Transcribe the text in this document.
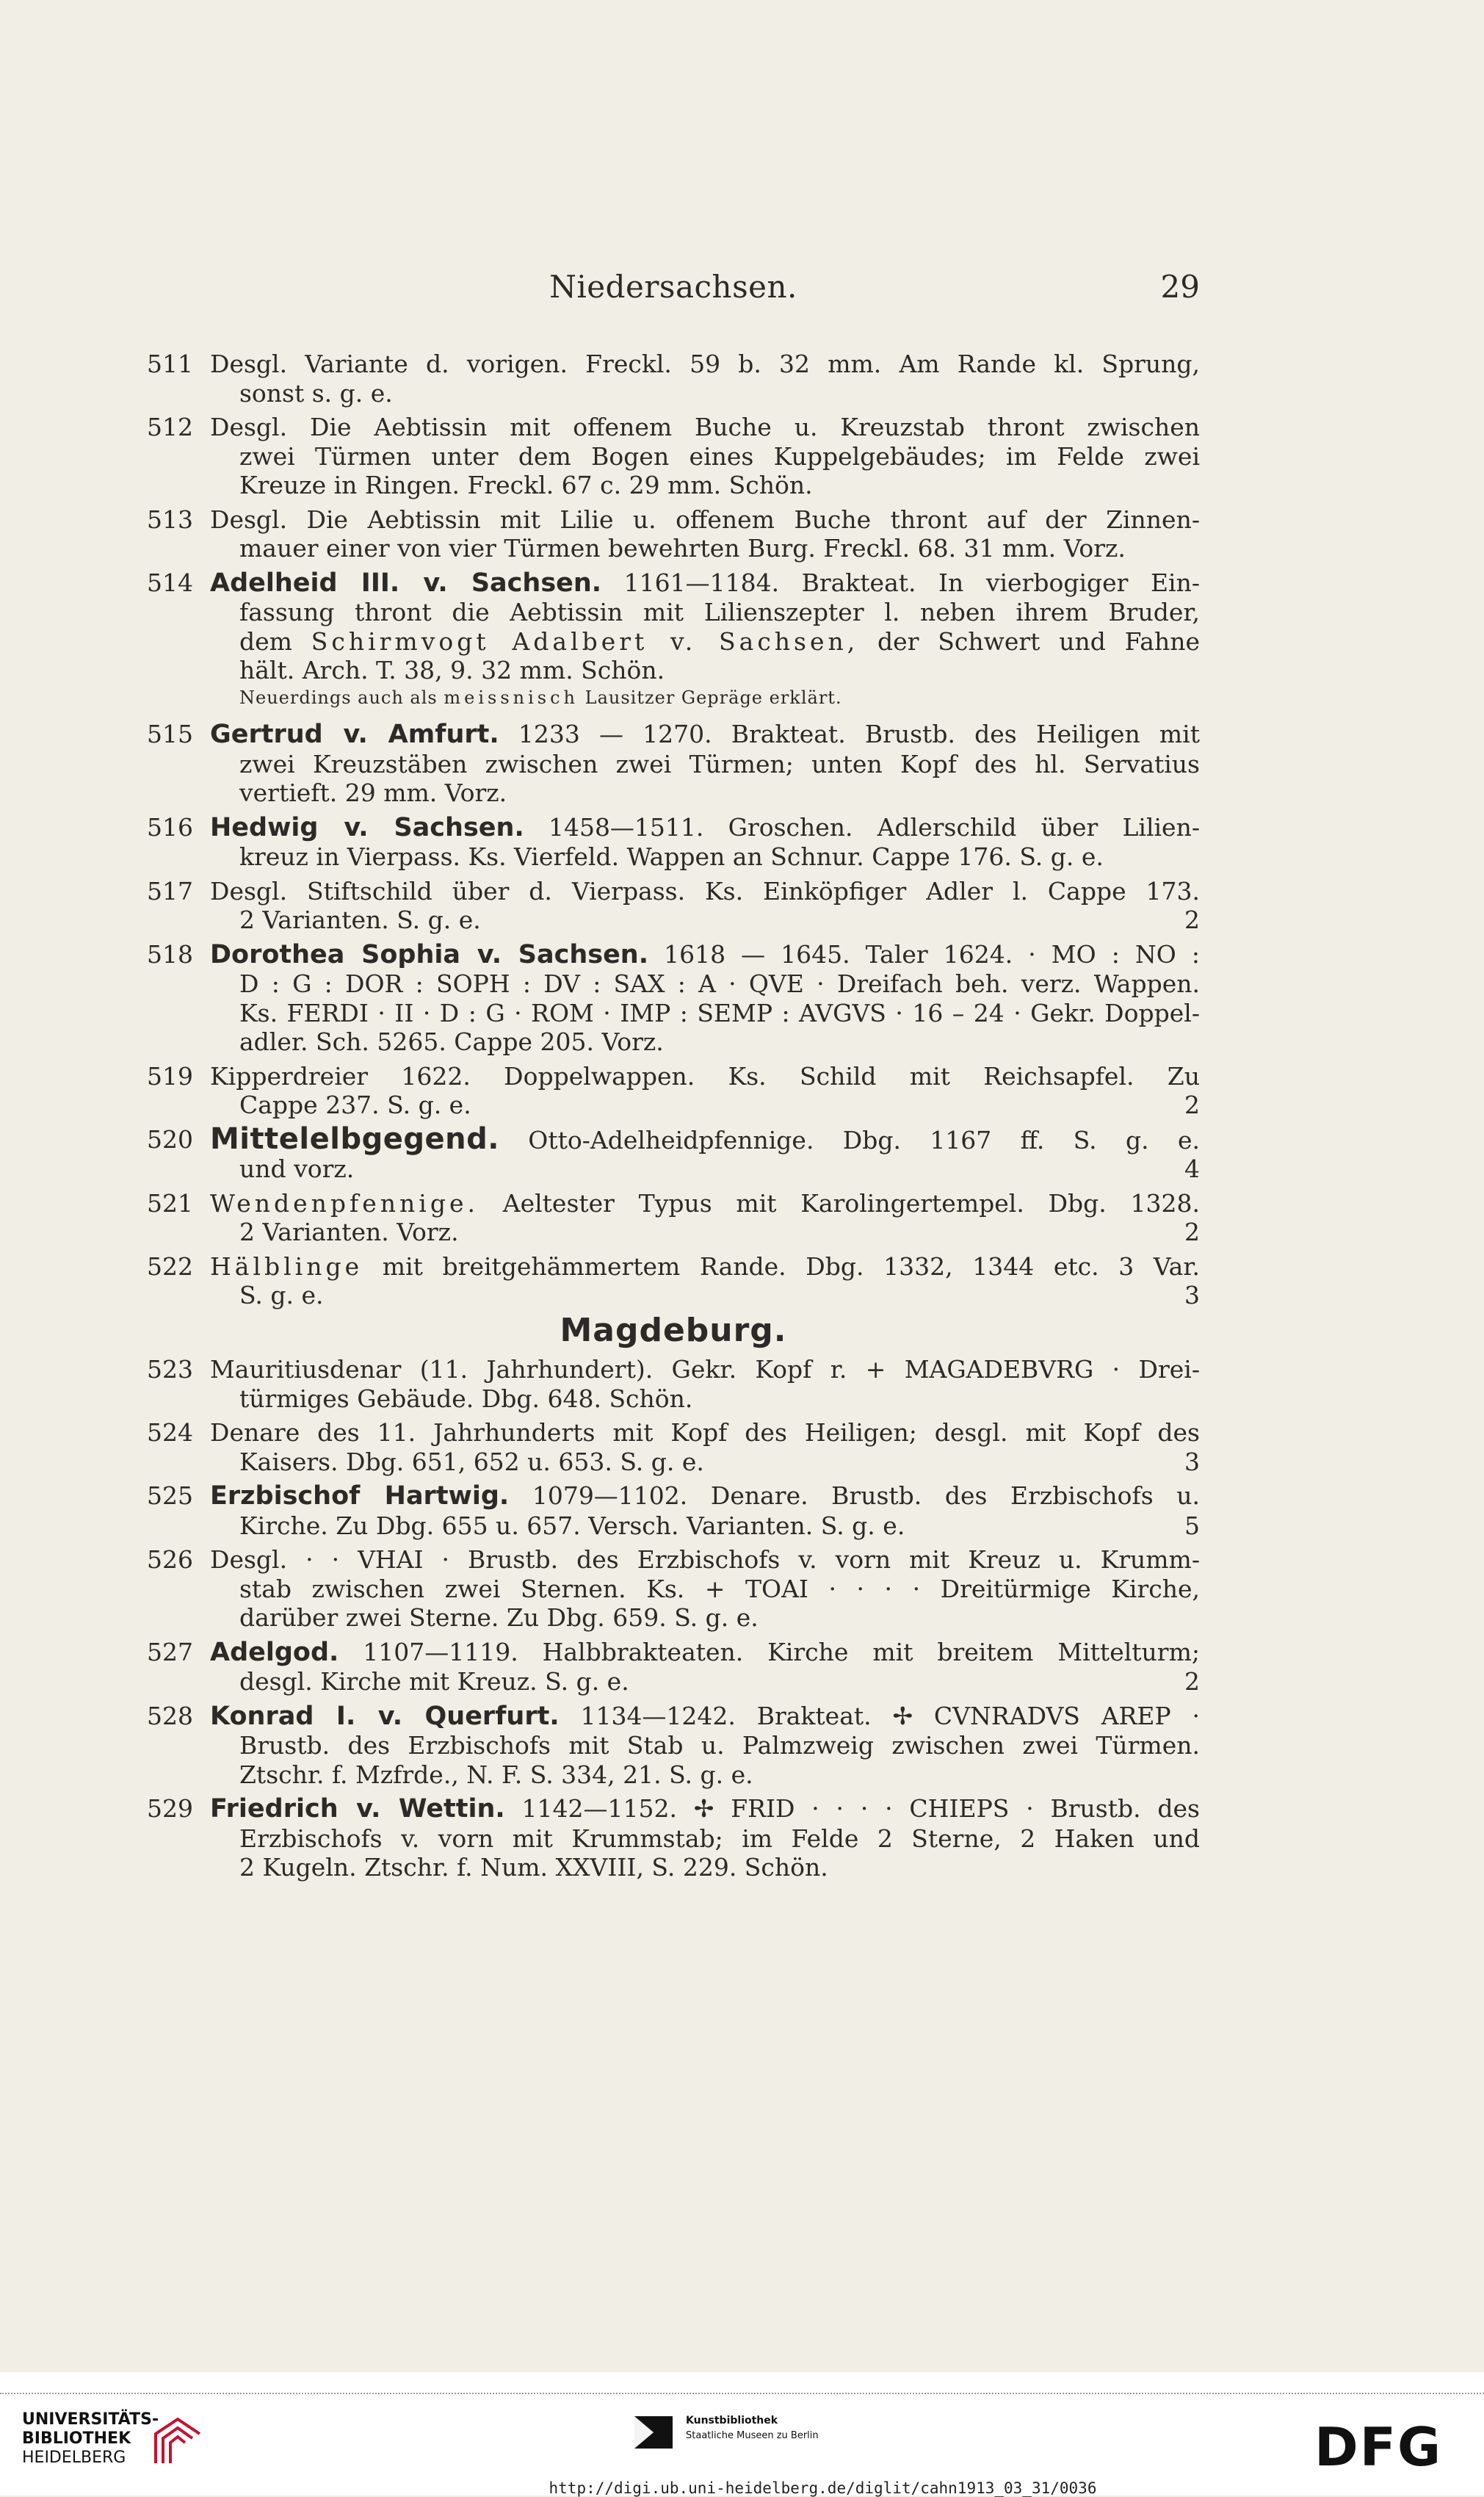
Niedersachsen.	29
511 Desgl. Variante d. vorigen. Freckl. 59 b. 32 mm. Am Rande kl. Sprung,
sonst s. g. e.

512 Desgl. Die Aebtissin mit offenem Buche u. Kreuzstab thront zwischen
zwei Türmen unter dem Bogen eines Kuppelgebäudes; im Felde zwei
Kreuze in Ringen. Freckl. 67 c. 29 mm. Schön.

513 Desgl. Die Aebtissin mit Lilie u. offenem Buche thront auf der Zinnen-
mauer einer von vier Türmen bewehrten Burg. Freckl. 68. 31 mm. Vorz.

514 Adelheid III. v. Sachsen. 1161—1184. Brakteat. In vierbogiger Ein-
fassung thront die Aebtissin mit Lilienszepter l. neben ihrem Bruder,
dem Schirmvogt Adalbert v. Sachsen, der Schwert und Fahne
hält. Arch. T. 38, 9. 32 mm. Schön.

Neuerdings auch als meissnisch Lausitzer Gepräge erklärt.
515 Gertrud v. Amfurt. 1233 — 1270. Brakteat. Brustb. des Heiligen mit
zwei Kreuzstäben zwischen zwei Türmen; unten Kopf des hl. Servatius
vertieft. 29 mm. Vorz.

516 Hedwig v. Sachsen. 1458—1511. Groschen. Adlerschild über Lilien-
kreuz in Vierpass. Ks. Vierfeld. Wappen an Schnur. Cappe 176. S. g. e.

517 Desgl. Stiftschild über d. Vierpass. Ks. Einköpfiger Adler l. Cappe 173.
2 Varianten. S. g. e.	2

518 Dorothea Sophia v. Sachsen. 1618 — 1645. Taler 1624. · MO : NO :
D : G : DOR : SOPH : DV : SAX : A · QVE · Dreifach beh. verz. Wappen.
Ks. FERDI · II · D : G · ROM · IMP : SEMP : AVGVS · 16 – 24 · Gekr. Doppel-
adler. Sch. 5265. Cappe 205. Vorz.

519 Kipperdreier 1622. Doppelwappen. Ks. Schild mit Reichsapfel. Zu
Cappe 237. S. g. e.	2

520 Mittelelbgegend. Otto-Adelheidpfennige. Dbg. 1167 ff. S. g. e.
und vorz.	4

521 Wendenpfennige. Aeltester Typus mit Karolingertempel. Dbg. 1328.
2 Varianten. Vorz.	2

522 Hälblinge mit breitgehämmertem Rande. Dbg. 1332, 1344 etc. 3 Var.
S. g. e.	3

Magdeburg.
523 Mauritiusdenar (11. Jahrhundert). Gekr. Kopf r. + MAGADEBVRG · Drei-
türmiges Gebäude. Dbg. 648. Schön.

524 Denare des 11. Jahrhunderts mit Kopf des Heiligen; desgl. mit Kopf des
Kaisers. Dbg. 651, 652 u. 653. S. g. e.	3

525 Erzbischof Hartwig. 1079—1102. Denare. Brustb. des Erzbischofs u.
Kirche. Zu Dbg. 655 u. 657. Versch. Varianten. S. g. e.	5

526 Desgl. · · VHAI · Brustb. des Erzbischofs v. vorn mit Kreuz u. Krumm-
stab zwischen zwei Sternen. Ks. + TOAI · · · · Dreitürmige Kirche,
darüber zwei Sterne. Zu Dbg. 659. S. g. e.

527 Adelgod. 1107—1119. Halbbrakteaten. Kirche mit breitem Mittelturm;
desgl. Kirche mit Kreuz. S. g. e.	2

528 Konrad I. v. Querfurt. 1134—1242. Brakteat. ✢ CVNRADVS AREP ·
Brustb. des Erzbischofs mit Stab u. Palmzweig zwischen zwei Türmen.
Ztschr. f. Mzfrde., N. F. S. 334, 21. S. g. e.

529 Friedrich v. Wettin. 1142—1152. ✢ FRID · · · · CHIEPS · Brustb. des
Erzbischofs v. vorn mit Krummstab; im Felde 2 Sterne, 2 Haken und
2 Kugeln. Ztschr. f. Num. XXVIII, S. 229. Schön.

UNIVERSITÄTS-
BIBLIOTHEK
HEIDELBERG
Kunstbibliothek
Staatliche Museen zu Berlin	DFG
http://digi.ub.uni-heidelberg.de/diglit/cahn1913_03_31/0036
